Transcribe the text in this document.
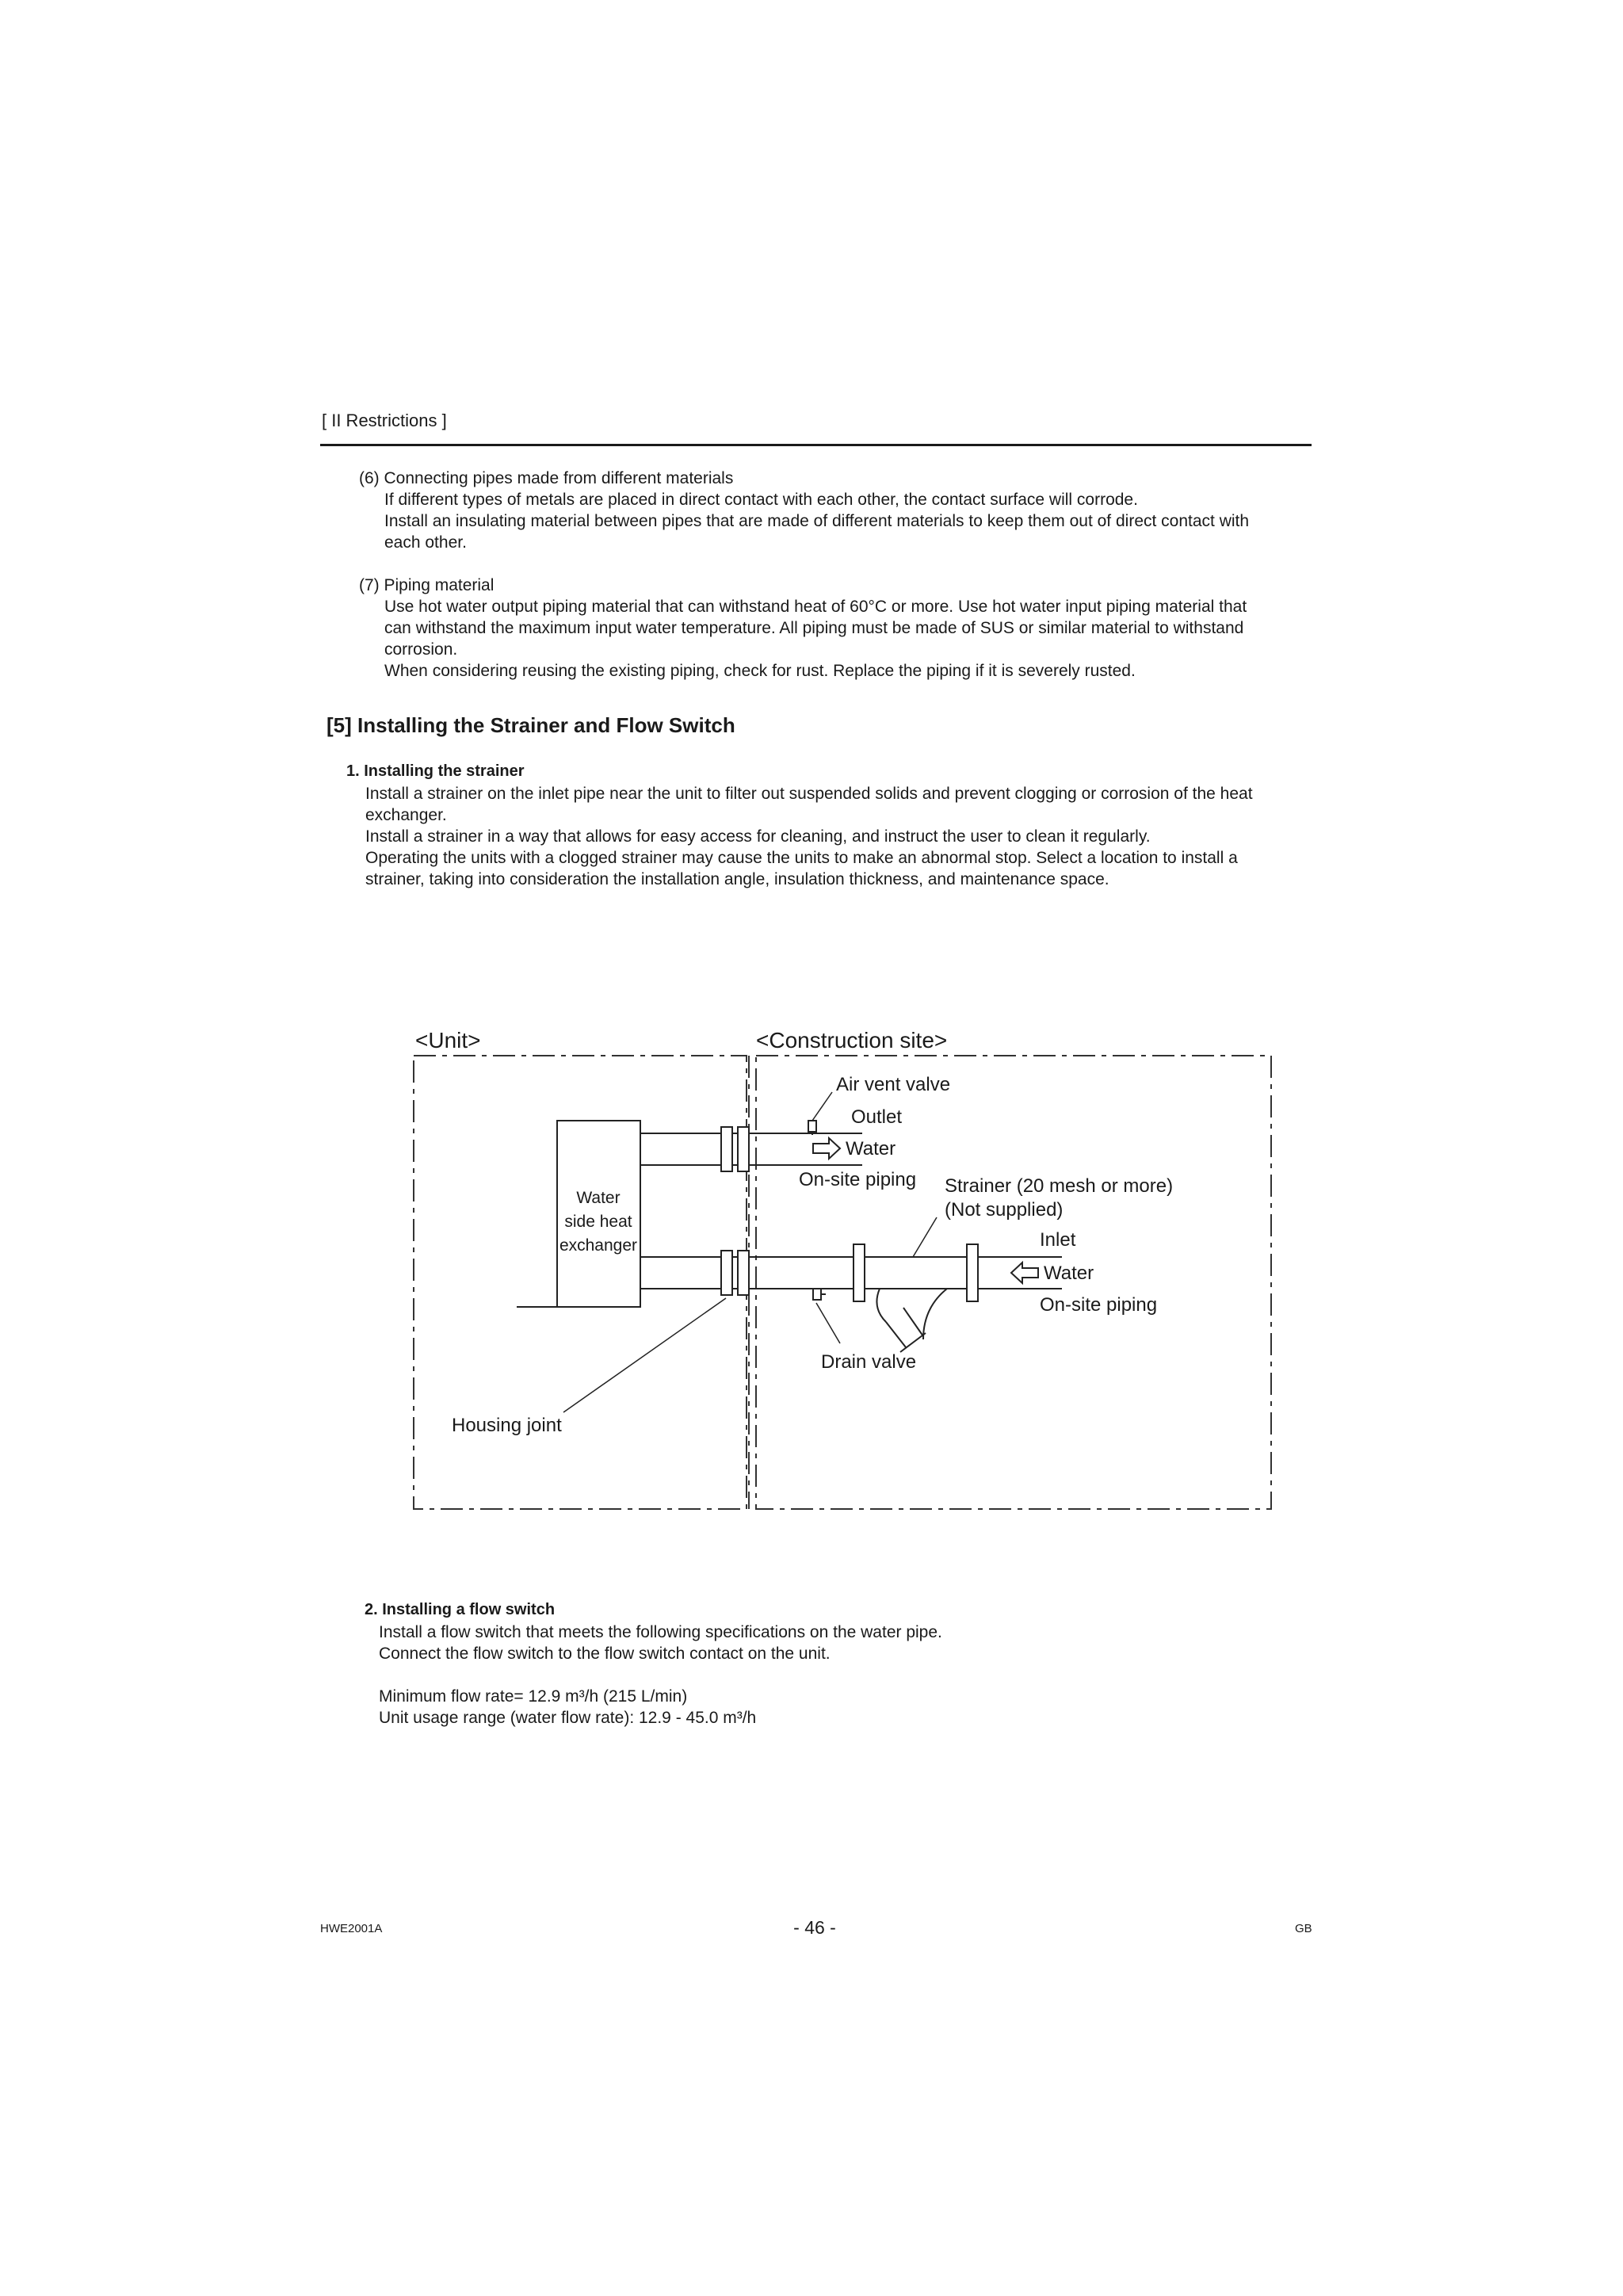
[ II Restrictions ]
(6) Connecting pipes made from different materials
If different types of metals are placed in direct contact with each other, the contact surface will corrode.
Install an insulating material between pipes that are made of different materials to keep them out of direct contact with
each other.
(7) Piping material
Use hot water output piping material that can withstand heat of 60°C or more. Use hot water input piping material that
can withstand the maximum input water temperature. All piping must be made of SUS or similar material to withstand
corrosion.
When considering reusing the existing piping, check for rust. Replace the piping if it is severely rusted.
[5] Installing the Strainer and Flow Switch
1. Installing the strainer
Install a strainer on the inlet pipe near the unit to filter out suspended solids and prevent clogging or corrosion of the heat
exchanger.
Install a strainer in a way that allows for easy access for cleaning, and instruct the user to clean it regularly.
Operating the units with a clogged strainer may cause the units to make an abnormal stop. Select a location to install a
strainer, taking into consideration the installation angle, insulation thickness, and maintenance space.
<Unit>	<Construction site>
Water
side heat
exchanger
Air vent valve
Outlet
Water
On-site piping
Drain valve
Strainer (20 mesh or more)
(Not supplied)
Inlet
Water
On-site piping
Housing joint
2. Installing a flow switch
Install a flow switch that meets the following specifications on the water pipe.
Connect the flow switch to the flow switch contact on the unit.
Minimum flow rate= 12.9 m³/h (215 L/min)
Unit usage range (water flow rate): 12.9 - 45.0 m³/h
HWE2001A	- 46 -	GB
